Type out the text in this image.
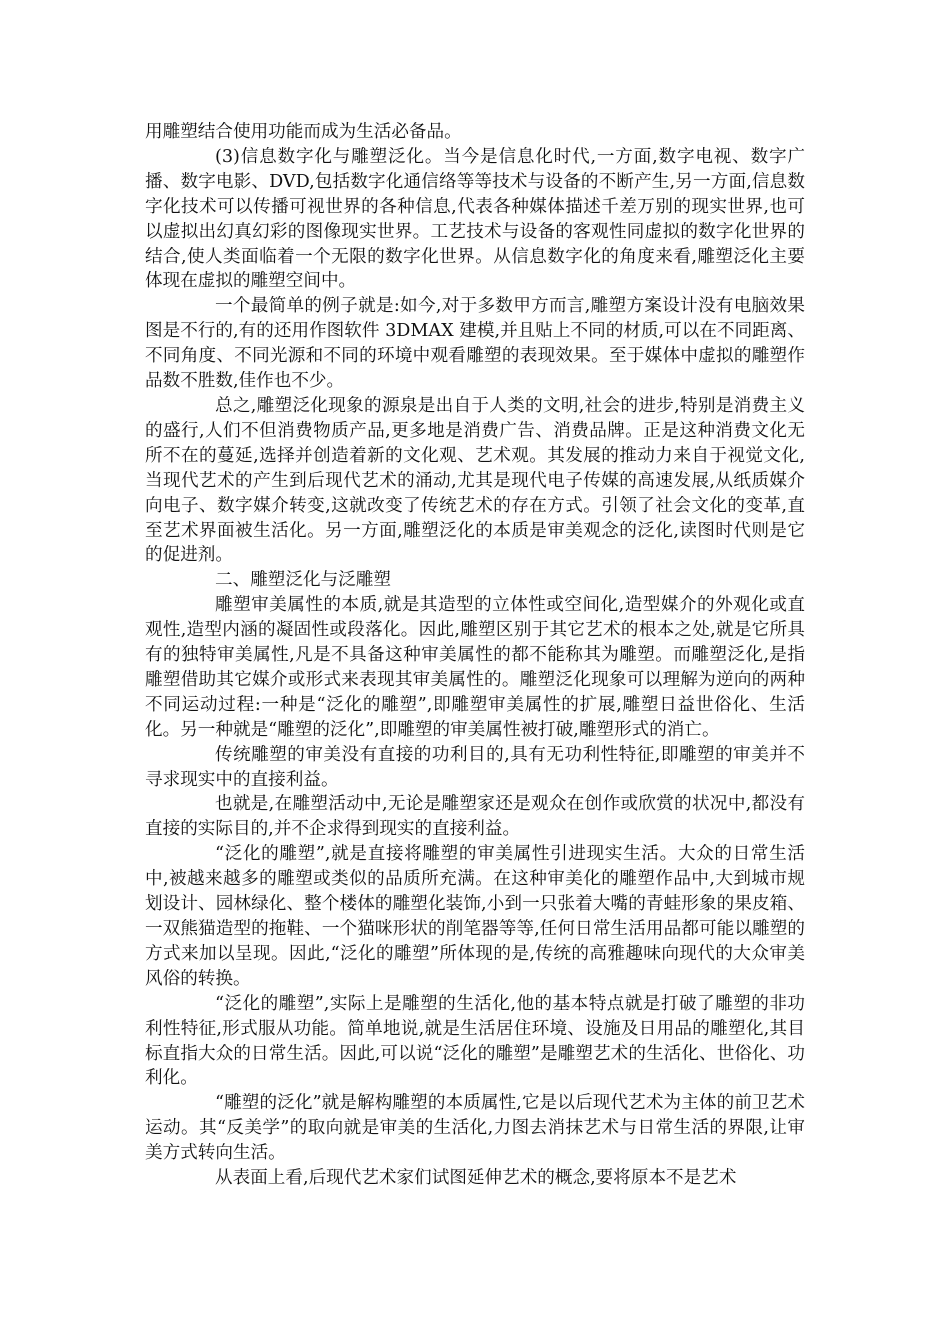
用雕塑结合使用功能而成为生活必备品。

(3)信息数字化与雕塑泛化。当今是信息化时代,一方面,数字电视、数字广播、数字电影、DVD,包括数字化通信络等等技术与设备的不断产生,另一方面,信息数字化技术可以传播可视世界的各种信息,代表各种媒体描述千差万别的现实世界,也可以虚拟出幻真幻彩的图像现实世界。工艺技术与设备的客观性同虚拟的数字化世界的结合,使人类面临着一个无限的数字化世界。从信息数字化的角度来看,雕塑泛化主要体现在虚拟的雕塑空间中。

一个最简单的例子就是:如今,对于多数甲方而言,雕塑方案设计没有电脑效果图是不行的,有的还用作图软件 3DMAX 建模,并且贴上不同的材质,可以在不同距离、不同角度、不同光源和不同的环境中观看雕塑的表现效果。至于媒体中虚拟的雕塑作品数不胜数,佳作也不少。

总之,雕塑泛化现象的源泉是出自于人类的文明,社会的进步,特别是消费主义的盛行,人们不但消费物质产品,更多地是消费广告、消费品牌。正是这种消费文化无所不在的蔓延,选择并创造着新的文化观、艺术观。其发展的推动力来自于视觉文化,当现代艺术的产生到后现代艺术的涌动,尤其是现代电子传媒的高速发展,从纸质媒介向电子、数字媒介转变,这就改变了传统艺术的存在方式。引领了社会文化的变革,直至艺术界面被生活化。另一方面,雕塑泛化的本质是审美观念的泛化,读图时代则是它的促进剂。

二、雕塑泛化与泛雕塑

雕塑审美属性的本质,就是其造型的立体性或空间化,造型媒介的外观化或直观性,造型内涵的凝固性或段落化。因此,雕塑区别于其它艺术的根本之处,就是它所具有的独特审美属性,凡是不具备这种审美属性的都不能称其为雕塑。而雕塑泛化,是指雕塑借助其它媒介或形式来表现其审美属性的。雕塑泛化现象可以理解为逆向的两种不同运动过程:一种是“泛化的雕塑”,即雕塑审美属性的扩展,雕塑日益世俗化、生活化。另一种就是“雕塑的泛化”,即雕塑的审美属性被打破,雕塑形式的消亡。

传统雕塑的审美没有直接的功利目的,具有无功利性特征,即雕塑的审美并不寻求现实中的直接利益。

也就是,在雕塑活动中,无论是雕塑家还是观众在创作或欣赏的状况中,都没有直接的实际目的,并不企求得到现实的直接利益。

“泛化的雕塑”,就是直接将雕塑的审美属性引进现实生活。大众的日常生活中,被越来越多的雕塑或类似的品质所充满。在这种审美化的雕塑作品中,大到城市规划设计、园林绿化、整个楼体的雕塑化装饰,小到一只张着大嘴的青蛙形象的果皮箱、一双熊猫造型的拖鞋、一个猫咪形状的削笔器等等,任何日常生活用品都可能以雕塑的方式来加以呈现。因此,“泛化的雕塑”所体现的是,传统的高雅趣味向现代的大众审美风俗的转换。

“泛化的雕塑”,实际上是雕塑的生活化,他的基本特点就是打破了雕塑的非功利性特征,形式服从功能。简单地说,就是生活居住环境、设施及日用品的雕塑化,其目标直指大众的日常生活。因此,可以说“泛化的雕塑”是雕塑艺术的生活化、世俗化、功利化。

“雕塑的泛化”就是解构雕塑的本质属性,它是以后现代艺术为主体的前卫艺术运动。其“反美学”的取向就是审美的生活化,力图去消抹艺术与日常生活的界限,让审美方式转向生活。

从表面上看,后现代艺术家们试图延伸艺术的概念,要将原本不是艺术
